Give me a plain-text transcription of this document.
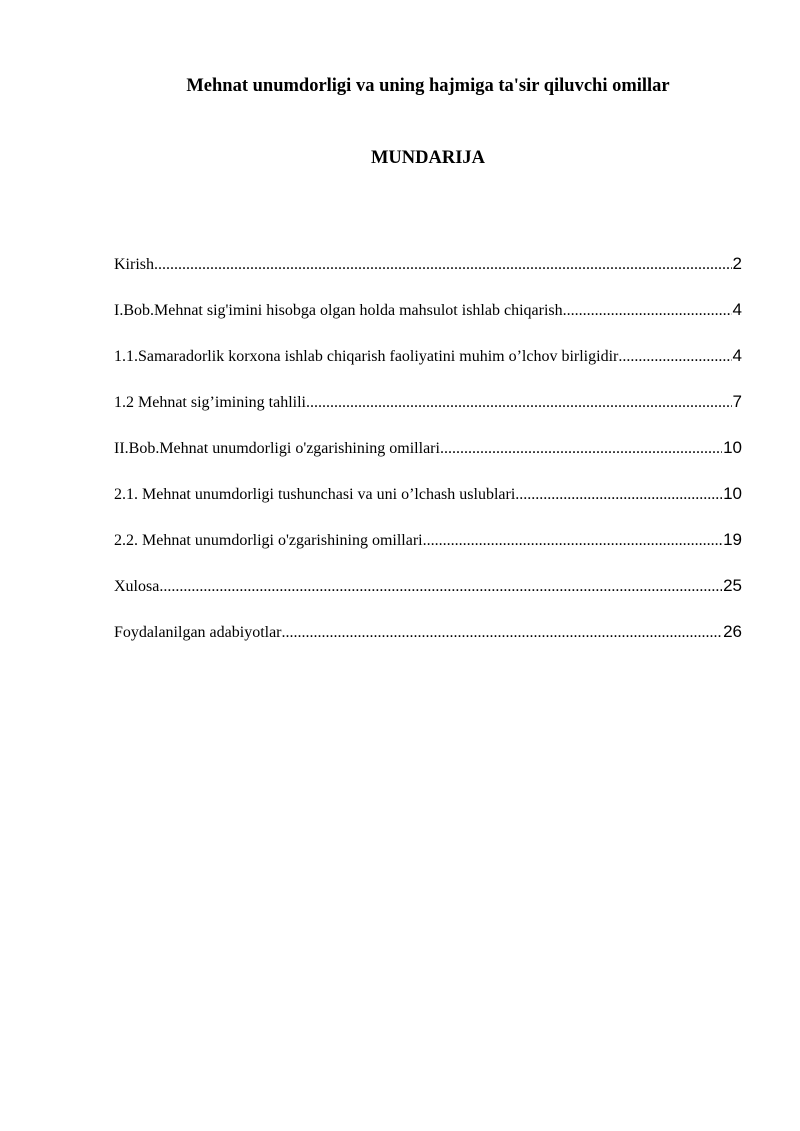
Mehnat unumdorligi va uning hajmiga ta'sir qiluvchi omillar
MUNDARIJA
Kirish .....	2
I.Bob.Mehnat sig'imini hisobga olgan holda mahsulot ishlab chiqarish .....	4
1.1.Samaradorlik korxona ishlab chiqarish faoliyatini muhim o’lchov birligidir .....	4
1.2 Mehnat sig’imining tahlili .....	7
II.Bob.Mehnat unumdorligi o'zgarishining omillari .....	10
2.1. Mehnat unumdorligi tushunchasi va uni o’lchash uslublari .....	10
2.2. Mehnat unumdorligi o'zgarishining omillari .....	19
Xulosa .....	25
Foydalanilgan adabiyotlar .....	26
